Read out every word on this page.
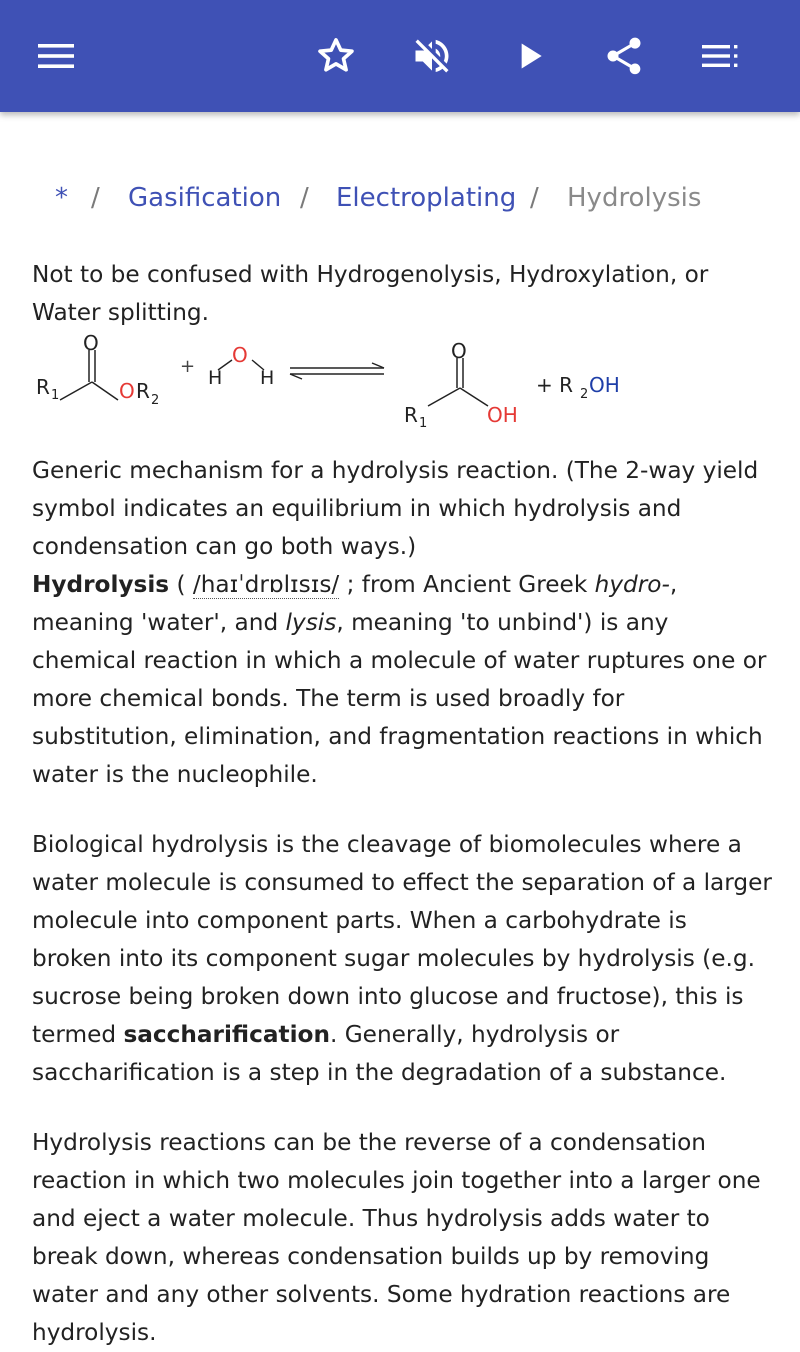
* / Gasification / Electroplating / Hydrolysis

Not to be confused with Hydrogenolysis, Hydroxylation, or Water splitting.

O
R 1	O R 2
+ O
H H
O
R 1	OH
+ R 2 OH

Generic mechanism for a hydrolysis reaction. (The 2-way yield symbol indicates an equilibrium in which hydrolysis and condensation can go both ways.)

Hydrolysis ( /haɪˈdrɒlɪsɪs/ ; from Ancient Greek hydro-, meaning 'water', and lysis, meaning 'to unbind') is any chemical reaction in which a molecule of water ruptures one or more chemical bonds. The term is used broadly for substitution, elimination, and fragmentation reactions in which water is the nucleophile.

Biological hydrolysis is the cleavage of biomolecules where a water molecule is consumed to effect the separation of a larger molecule into component parts. When a carbohydrate is broken into its component sugar molecules by hydrolysis (e.g. sucrose being broken down into glucose and fructose), this is termed saccharification. Generally, hydrolysis or saccharification is a step in the degradation of a substance.

Hydrolysis reactions can be the reverse of a condensation reaction in which two molecules join together into a larger one and eject a water molecule. Thus hydrolysis adds water to break down, whereas condensation builds up by removing water and any other solvents. Some hydration reactions are hydrolysis.
